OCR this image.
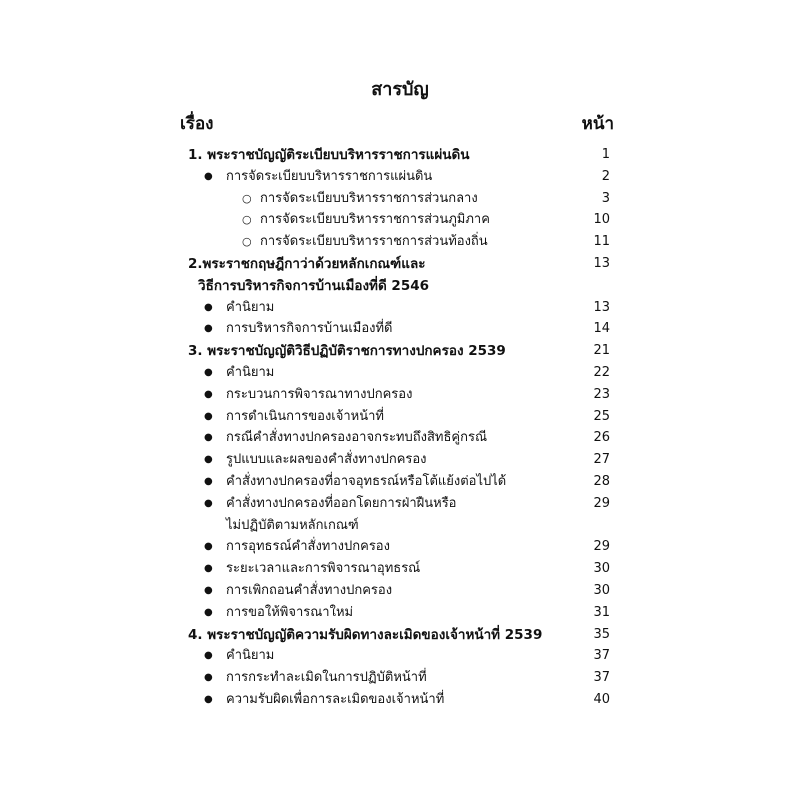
สารบัญ
เรื่อง	หน้า
1. พระราชบัญญัติระเบียบบริหารราชการแผ่นดิน	1
● การจัดระเบียบบริหารราชการแผ่นดิน	2
○ การจัดระเบียบบริหารราชการส่วนกลาง	3
○ การจัดระเบียบบริหารราชการส่วนภูมิภาค	10
○ การจัดระเบียบบริหารราชการส่วนท้องถิ่น	11
2.พระราชกฤษฎีกาว่าด้วยหลักเกณฑ์และ	13
วิธีการบริหารกิจการบ้านเมืองที่ดี 2546
● คำนิยาม	13
● การบริหารกิจการบ้านเมืองที่ดี	14
3. พระราชบัญญัติวิธีปฏิบัติราชการทางปกครอง 2539	21
● คำนิยาม	22
● กระบวนการพิจารณาทางปกครอง	23
● การดำเนินการของเจ้าหน้าที่	25
● กรณีคำสั่งทางปกครองอาจกระทบถึงสิทธิคู่กรณี	26
● รูปแบบและผลของคำสั่งทางปกครอง	27
● คำสั่งทางปกครองที่อาจอุทธรณ์หรือโต้แย้งต่อไปได้	28
● คำสั่งทางปกครองที่ออกโดยการฝ่าฝืนหรือ	29
ไม่ปฏิบัติตามหลักเกณฑ์
● การอุทธรณ์คำสั่งทางปกครอง	29
● ระยะเวลาและการพิจารณาอุทธรณ์	30
● การเพิกถอนคำสั่งทางปกครอง	30
● การขอให้พิจารณาใหม่	31
4. พระราชบัญญัติความรับผิดทางละเมิดของเจ้าหน้าที่ 2539	35
● คำนิยาม	37
● การกระทำละเมิดในการปฏิบัติหน้าที่	37
● ความรับผิดเพื่อการละเมิดของเจ้าหน้าที่	40
